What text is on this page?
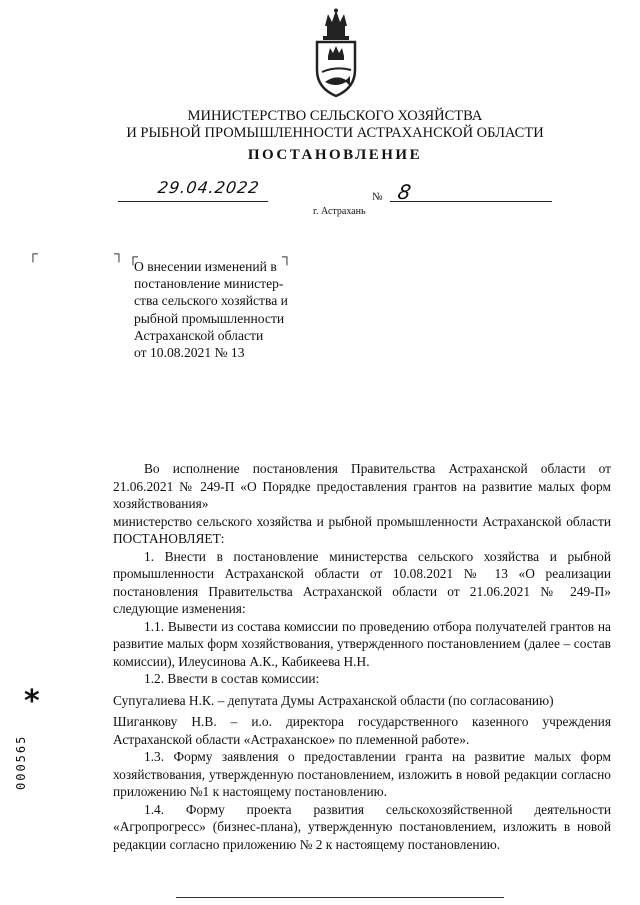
МИНИСТЕРСТВО СЕЛЬСКОГО ХОЗЯЙСТВА
И РЫБНОЙ ПРОМЫШЛЕННОСТИ АСТРАХАНСКОЙ ОБЛАСТИ
ПОСТАНОВЛЕНИЕ
29.04.2022	№ 8
г. Астрахань
┌	┐ ┌	┐
О внесении изменений в
постановление министер-
ства сельского хозяйства и
рыбной промышленности
Астраханской области
от 10.08.2021 № 13

Во исполнение постановления Правительства Астраханской области от 21.06.2021 № 249-П «О Порядке предоставления грантов на развитие малых форм хозяйствования»

министерство сельского хозяйства и рыбной промышленности Астраханской области ПОСТАНОВЛЯЕТ:

1. Внести в постановление министерства сельского хозяйства и рыбной промышленности Астраханской области от 10.08.2021 № 13 «О реализации постановления Правительства Астраханской области от 21.06.2021 № 249-П» следующие изменения:

1.1. Вывести из состава комиссии по проведению отбора получателей грантов на развитие малых форм хозяйствования, утвержденного постановлением (далее – состав комиссии), Илеусинова А.К., Кабикеева Н.Н.

1.2. Ввести в состав комиссии:

Супугалиева Н.К. – депутата Думы Астраханской области (по согласованию)

Шиганкову Н.В. – и.о. директора государственного казенного учреждения Астраханской области «Астраханское» по племенной работе».

1.3. Форму заявления о предоставлении гранта на развитие малых форм хозяйствования, утвержденную постановлением, изложить в новой редакции согласно приложению №1 к настоящему постановлению.

1.4. Форму проекта развития сельскохозяйственной деятельности «Агропрогресс» (бизнес-плана), утвержденную постановлением, изложить в новой редакции согласно приложению № 2 к настоящему постановлению.

*
000565
